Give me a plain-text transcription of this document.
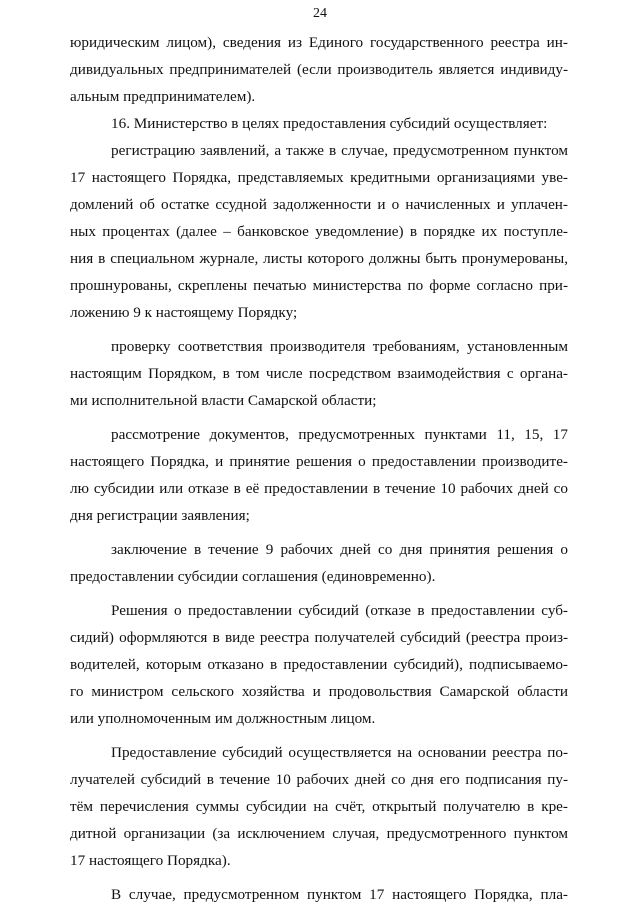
24
юридическим лицом), сведения из Единого государственного реестра ин-
дивидуальных предпринимателей (если производитель является индивиду-
альным предпринимателем).
16. Министерство в целях предоставления субсидий осуществляет:
регистрацию заявлений, а также в случае, предусмотренном пунктом
17 настоящего Порядка, представляемых кредитными организациями уве-
домлений об остатке ссудной задолженности и о начисленных и уплачен-
ных процентах (далее – банковское уведомление) в порядке их поступле-
ния в специальном журнале, листы которого должны быть пронумерованы,
прошнурованы, скреплены печатью министерства по форме согласно при-
ложению 9 к настоящему Порядку;
проверку соответствия производителя требованиям, установленным
настоящим Порядком, в том числе посредством взаимодействия с органа-
ми исполнительной власти Самарской области;
рассмотрение документов, предусмотренных пунктами 11, 15, 17
настоящего Порядка, и принятие решения о предоставлении производите-
лю субсидии или отказе в её предоставлении в течение 10 рабочих дней со
дня регистрации заявления;
заключение в течение 9 рабочих дней со дня принятия решения о
предоставлении субсидии соглашения (единовременно).
Решения о предоставлении субсидий (отказе в предоставлении суб-
сидий) оформляются в виде реестра получателей субсидий (реестра произ-
водителей, которым отказано в предоставлении субсидий), подписываемо-
го министром сельского хозяйства и продовольствия Самарской области
или уполномоченным им должностным лицом.
Предоставление субсидий осуществляется на основании реестра по-
лучателей субсидий в течение 10 рабочих дней со дня его подписания пу-
тём перечисления суммы субсидии на счёт, открытый получателю в кре-
дитной организации (за исключением случая, предусмотренного пунктом
17 настоящего Порядка).
В случае, предусмотренном пунктом 17 настоящего Порядка, пла-
